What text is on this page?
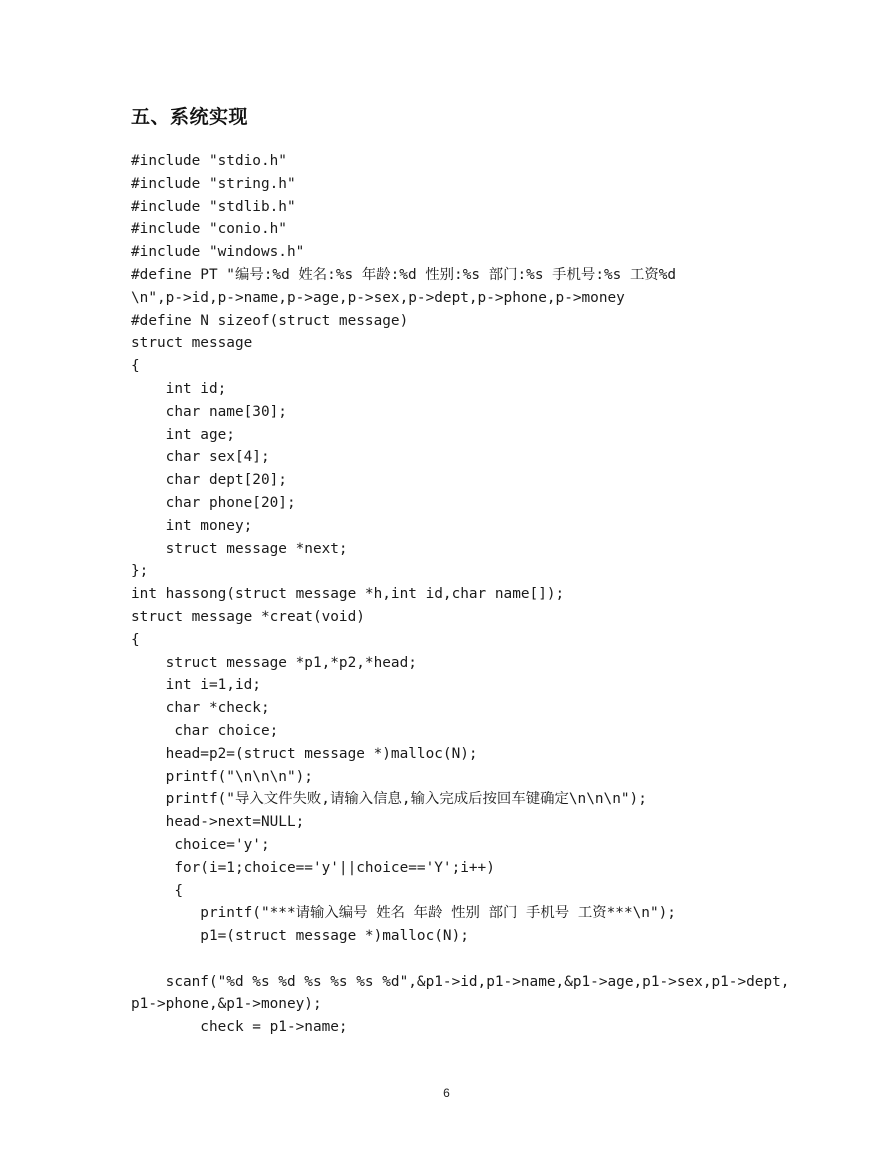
五、系统实现
#include "stdio.h"
#include "string.h"
#include "stdlib.h"
#include "conio.h"
#include "windows.h"
#define PT "编号:%d 姓名:%s 年龄:%d 性别:%s 部门:%s 手机号:%s 工资%d
\n",p->id,p->name,p->age,p->sex,p->dept,p->phone,p->money
#define N sizeof(struct message)
struct message
{
int id;
char name[30];
int age;
char sex[4];
char dept[20];
char phone[20];
int money;
struct message *next;
};
int hassong(struct message *h,int id,char name[]);
struct message *creat(void)
{
struct message *p1,*p2,*head;
int i=1,id;
char *check;
char choice;
head=p2=(struct message *)malloc(N);
printf("\n\n\n");
printf("导入文件失败,请输入信息,输入完成后按回车键确定\n\n\n");
head->next=NULL;
choice='y';
for(i=1;choice=='y'||choice=='Y';i++)
{
printf("***请输入编号 姓名 年龄 性别 部门 手机号 工资***\n");
p1=(struct message *)malloc(N);
scanf("%d %s %d %s %s %s %d",&p1->id,p1->name,&p1->age,p1->sex,p1->dept,
p1->phone,&p1->money);
check = p1->name;
6
